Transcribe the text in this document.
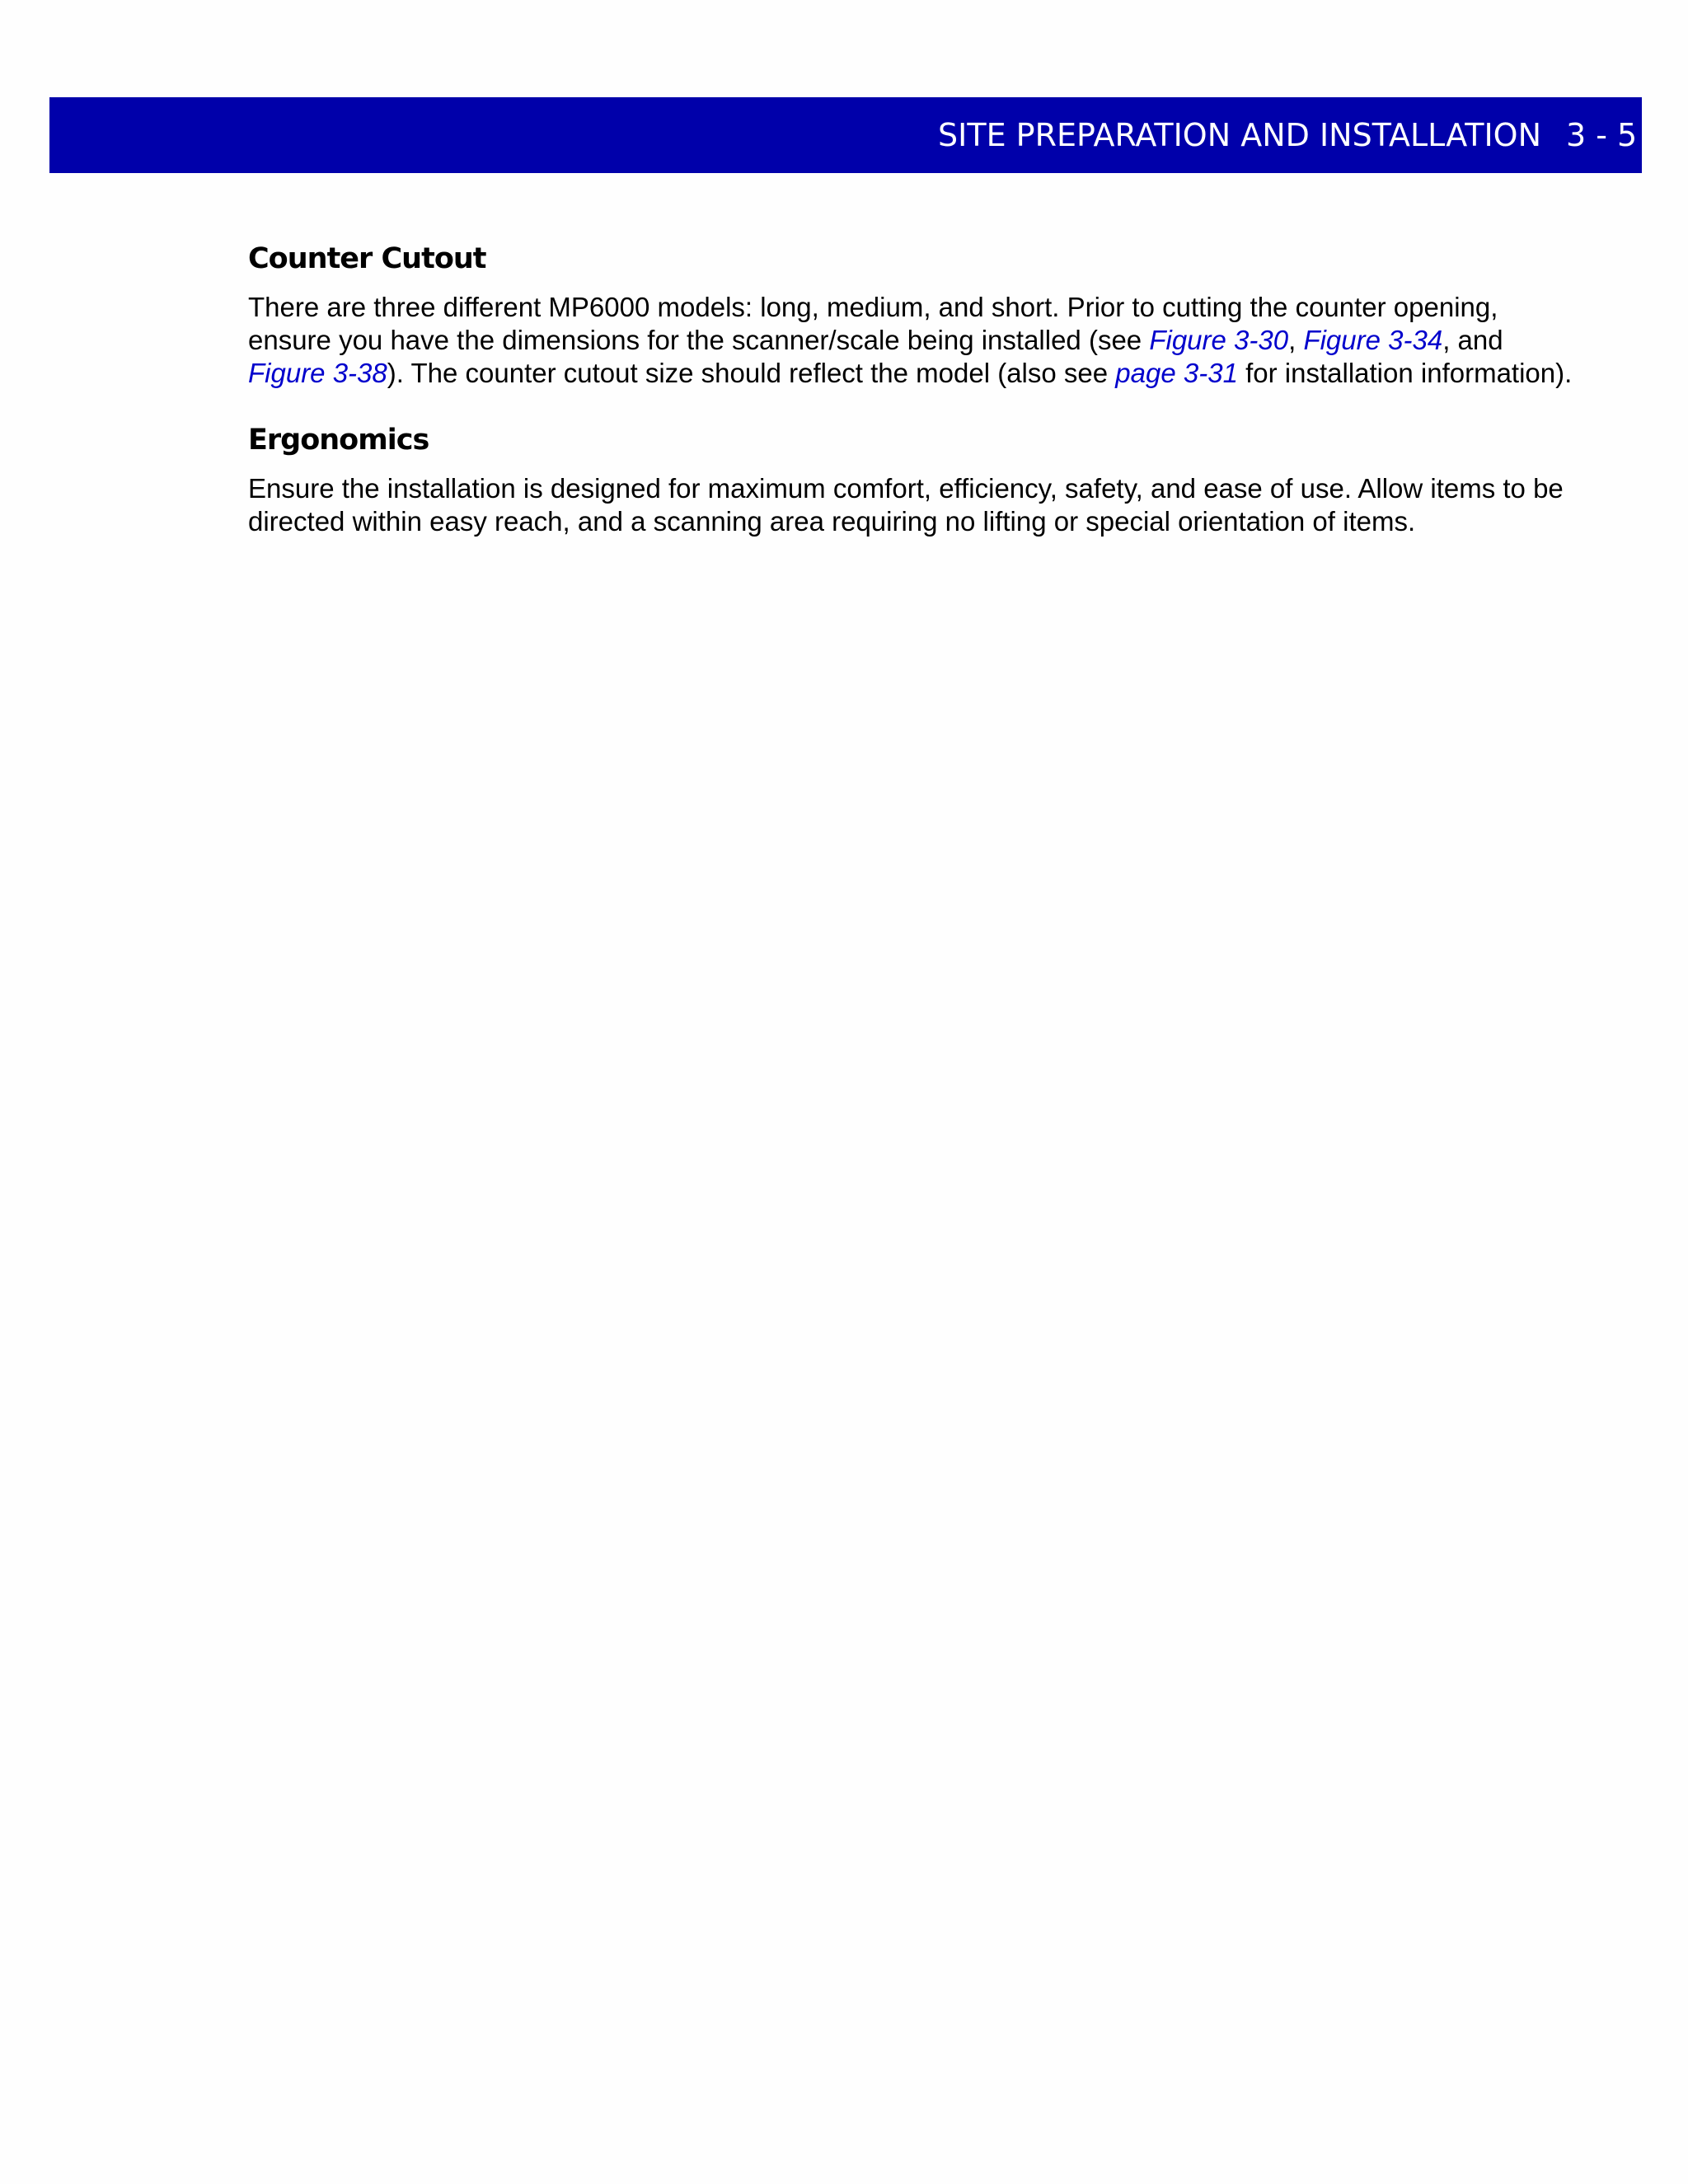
SITE PREPARATION AND INSTALLATION 3 - 5
Counter Cutout

There are three different MP6000 models: long, medium, and short. Prior to cutting the counter opening,
ensure you have the dimensions for the scanner/scale being installed (see Figure 3-30, Figure 3-34, and
Figure 3-38). The counter cutout size should reflect the model (also see page 3-31 for installation information).

Ergonomics

Ensure the installation is designed for maximum comfort, efficiency, safety, and ease of use. Allow items to be
directed within easy reach, and a scanning area requiring no lifting or special orientation of items.
